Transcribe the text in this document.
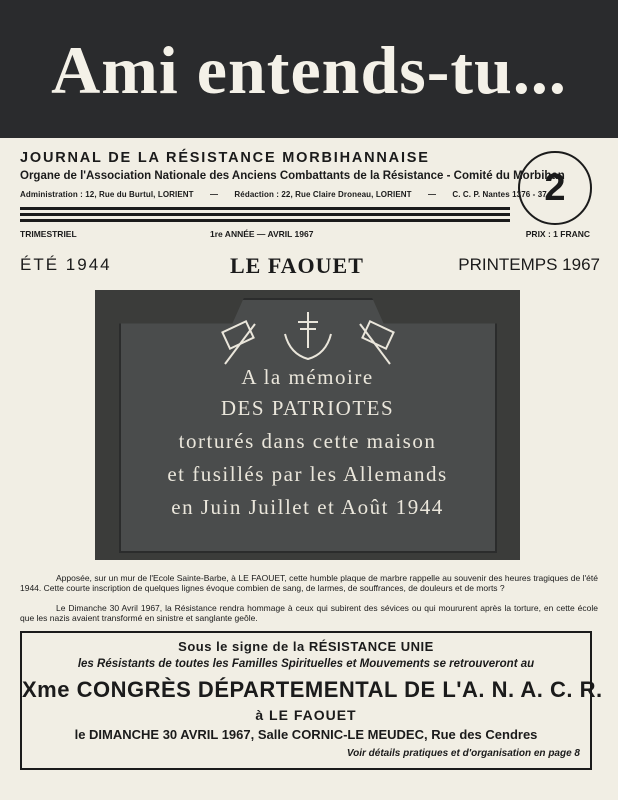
Ami entends-tu...
JOURNAL DE LA RÉSISTANCE MORBIHANNAISE
Organe de l'Association Nationale des Anciens Combattants de la Résistance - Comité du Morbihan
Administration : 12, Rue du Burtul, LORIENT — Rédaction : 22, Rue Claire Droneau, LORIENT — C. C. P. Nantes 1376 - 37
2
TRIMESTRIEL	1re ANNÉE — AVRIL 1967	PRIX : 1 FRANC
ÉTÉ 1944	LE FAOUET	PRINTEMPS 1967
A la mémoire
DES PATRIOTES
torturés dans cette maison
et fusillés par les Allemands
en Juin Juillet et Août 1944
Apposée, sur un mur de l'Ecole Sainte-Barbe, à LE FAOUET, cette humble plaque de marbre rappelle au souvenir des heures tragiques de l'été 1944. Cette courte inscription de quelques lignes évoque combien de sang, de larmes, de souffrances, de douleurs et de morts ?
Le Dimanche 30 Avril 1967, la Résistance rendra hommage à ceux qui subirent des sévices ou qui moururent après la torture, en cette école que les nazis avaient transformé en sinistre et sanglante geôle.
Sous le signe de la RÉSISTANCE UNIE
les Résistants de toutes les Familles Spirituelles et Mouvements se retrouveront au
Xme CONGRÈS DÉPARTEMENTAL DE L'A. N. A. C. R.
à LE FAOUET
le DIMANCHE 30 AVRIL 1967, Salle CORNIC-LE MEUDEC, Rue des Cendres
Voir détails pratiques et d'organisation en page 8
